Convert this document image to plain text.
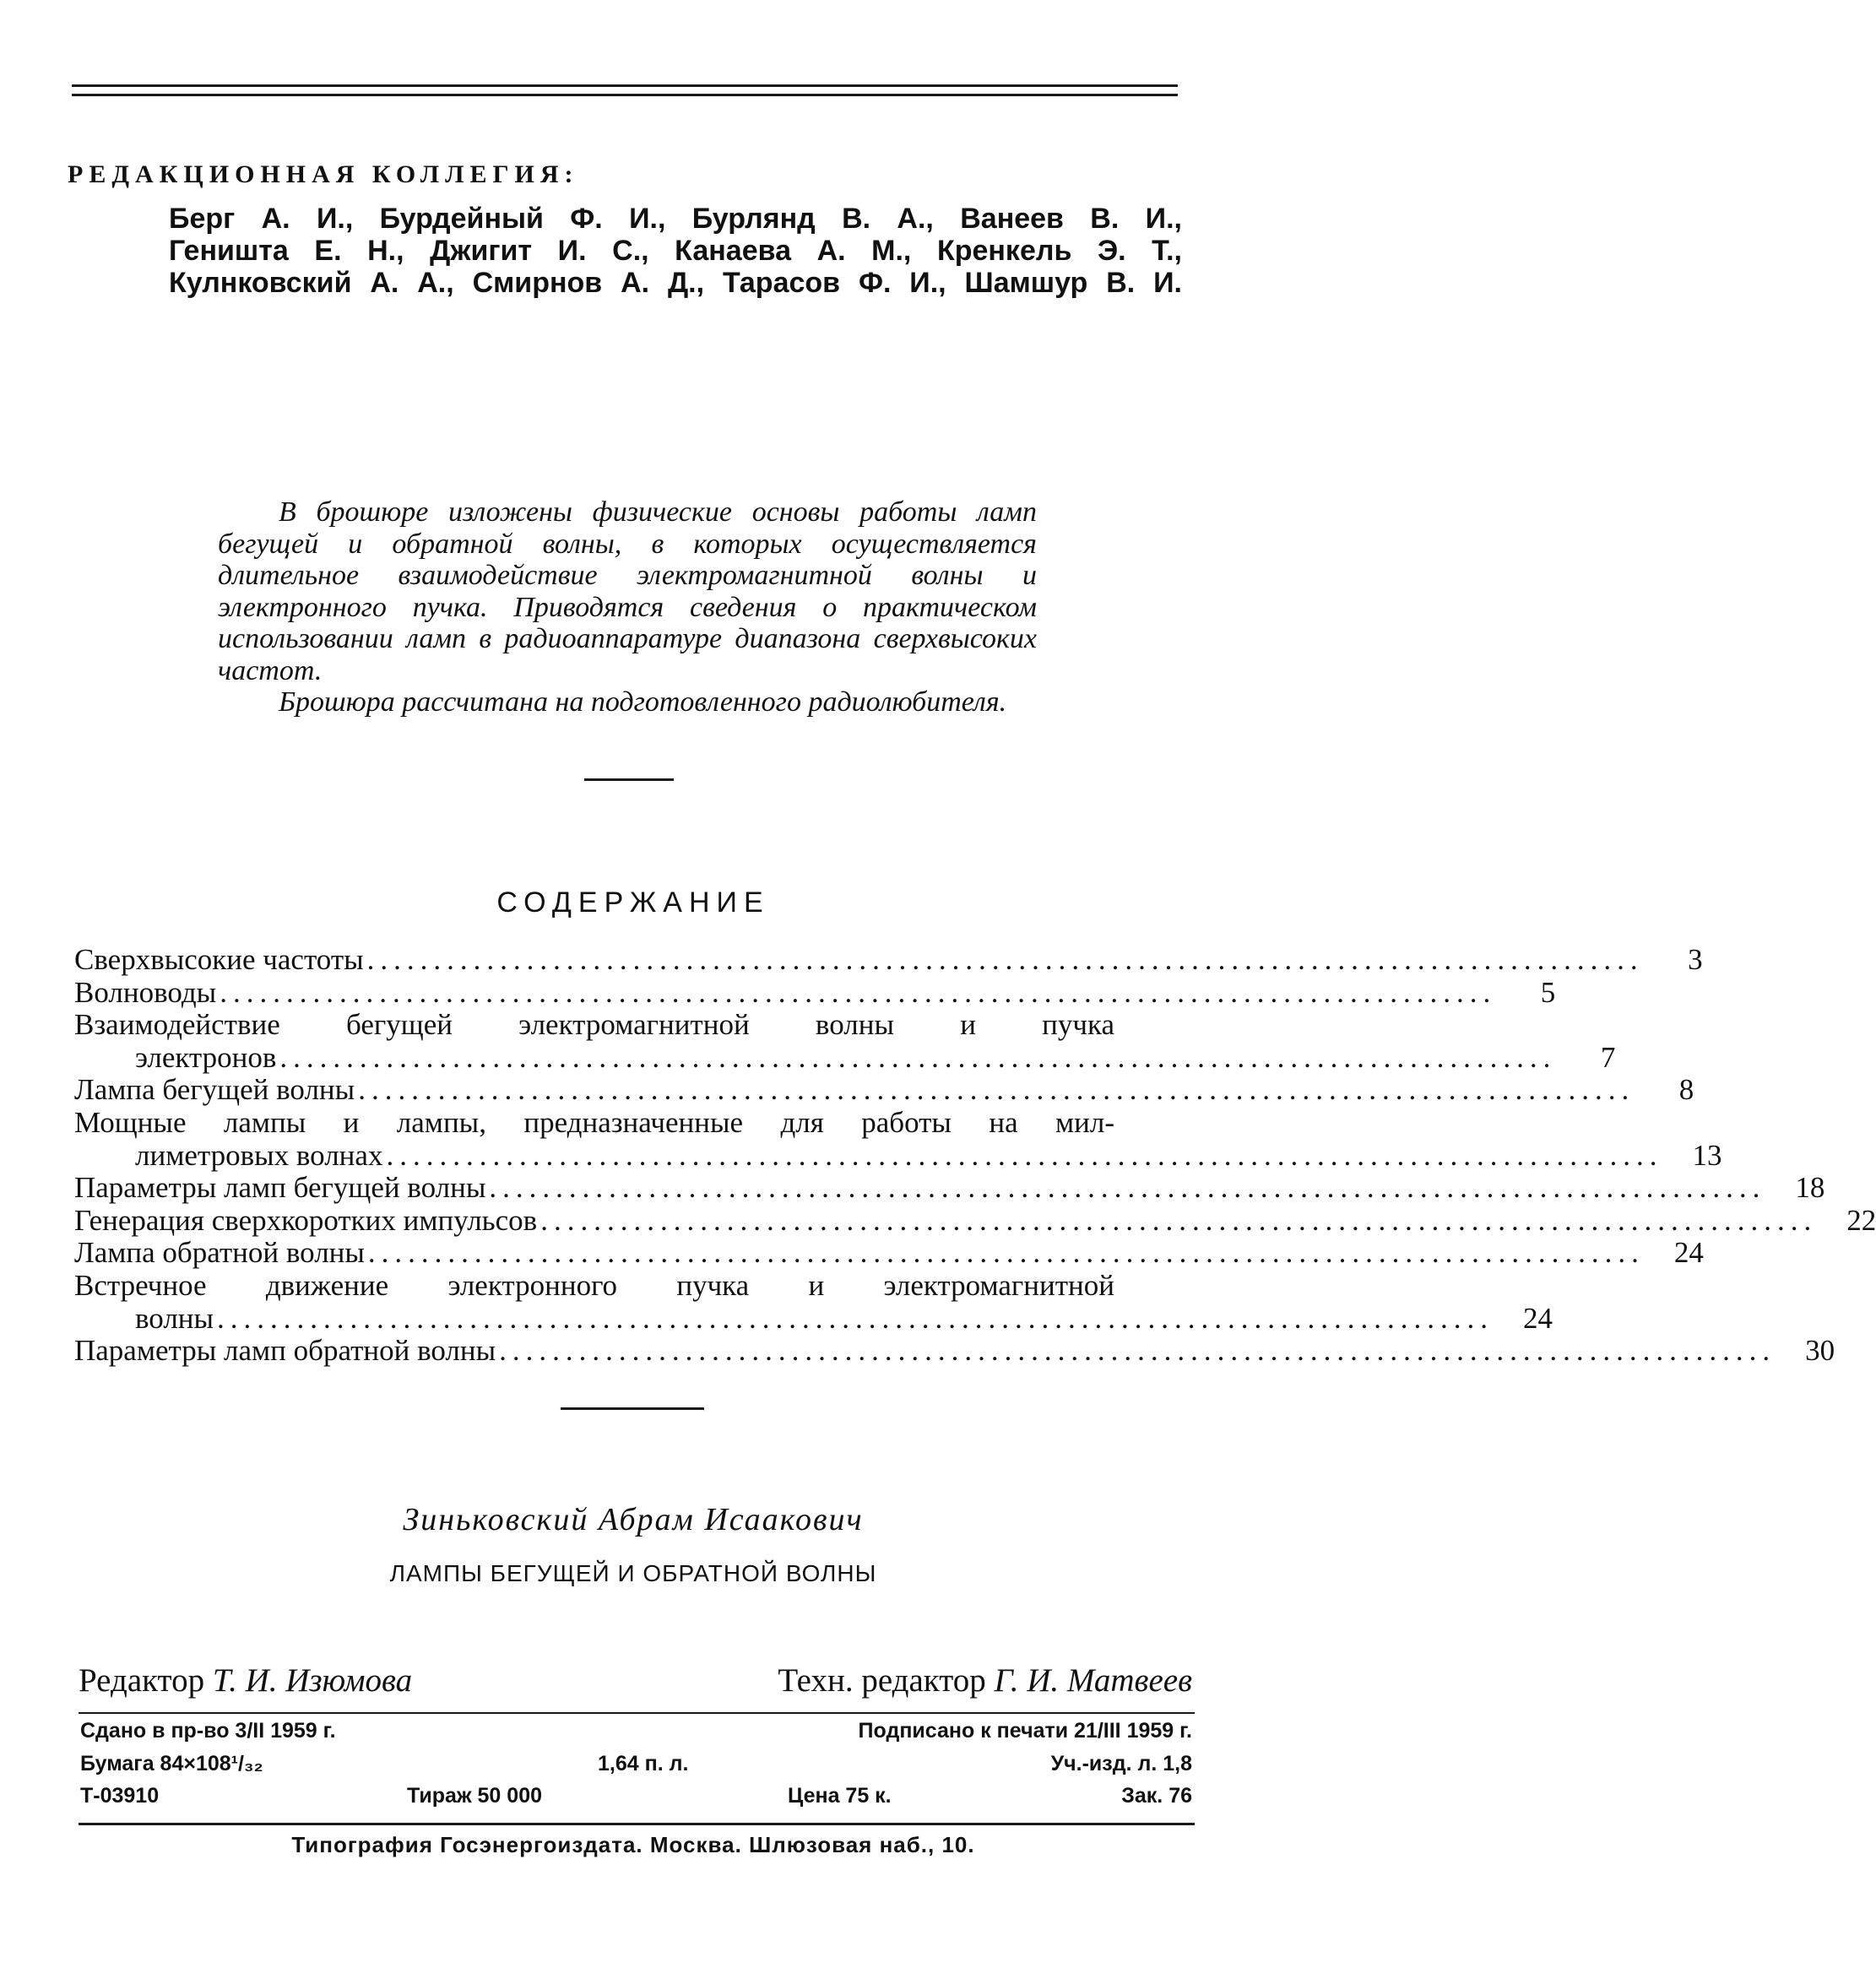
РЕДАКЦИОННАЯ КОЛЛЕГИЯ:
Берг А. И., Бурдейный Ф. И., Бурлянд В. А., Ванеев В. И.,
Геништа Е. Н., Джигит И. С., Канаева А. М., Кренкель Э. Т.,
Кулнковский А. А., Смирнов А. Д., Тарасов Ф. И., Шамшур В. И.

В брошюре изложены физические основы работы ламп бегущей и обратной волны, в которых осуществляется длительное взаимодействие электромагнитной волны и электронного пучка. Приводятся сведения о практическом использовании ламп в радиоаппаратуре диапазона сверхвысоких частот.

Брошюра рассчитана на подготовленного радиолюбителя.

СОДЕРЖАНИЕ
Сверхвысокие частоты ................................................................................................	3
Волноводы ................................................................................................	5
Взаимодействие бегущей электромагнитной волны и пучка
электронов ................................................................................................	7
Лампа бегущей волны ................................................................................................	8
Мощные лампы и лампы, предназначенные для работы на мил-
лиметровых волнах ................................................................................................	13
Параметры ламп бегущей волны ................................................................................................	18
Генерация сверхкоротких импульсов ................................................................................................	22
Лампа обратной волны ................................................................................................	24
Встречное движение электронного пучка и электромагнитной
волны ................................................................................................	24
Параметры ламп обратной волны ................................................................................................	30
Зиньковский Абрам Исаакович
ЛАМПЫ БЕГУЩЕЙ И ОБРАТНОЙ ВОЛНЫ
Редактор Т. И. Изюмова	Техн. редактор Г. И. Матвеев
Сдано в пр-во 3/II 1959 г.	Подписано к печати 21/III 1959 г.
Бумага 84×108¹/₃₂	1,64 п. л.	Уч.-изд. л. 1,8
Т-03910	Тираж 50 000	Цена 75 к.	Зак. 76
Типография Госэнергоиздата. Москва. Шлюзовая наб., 10.
